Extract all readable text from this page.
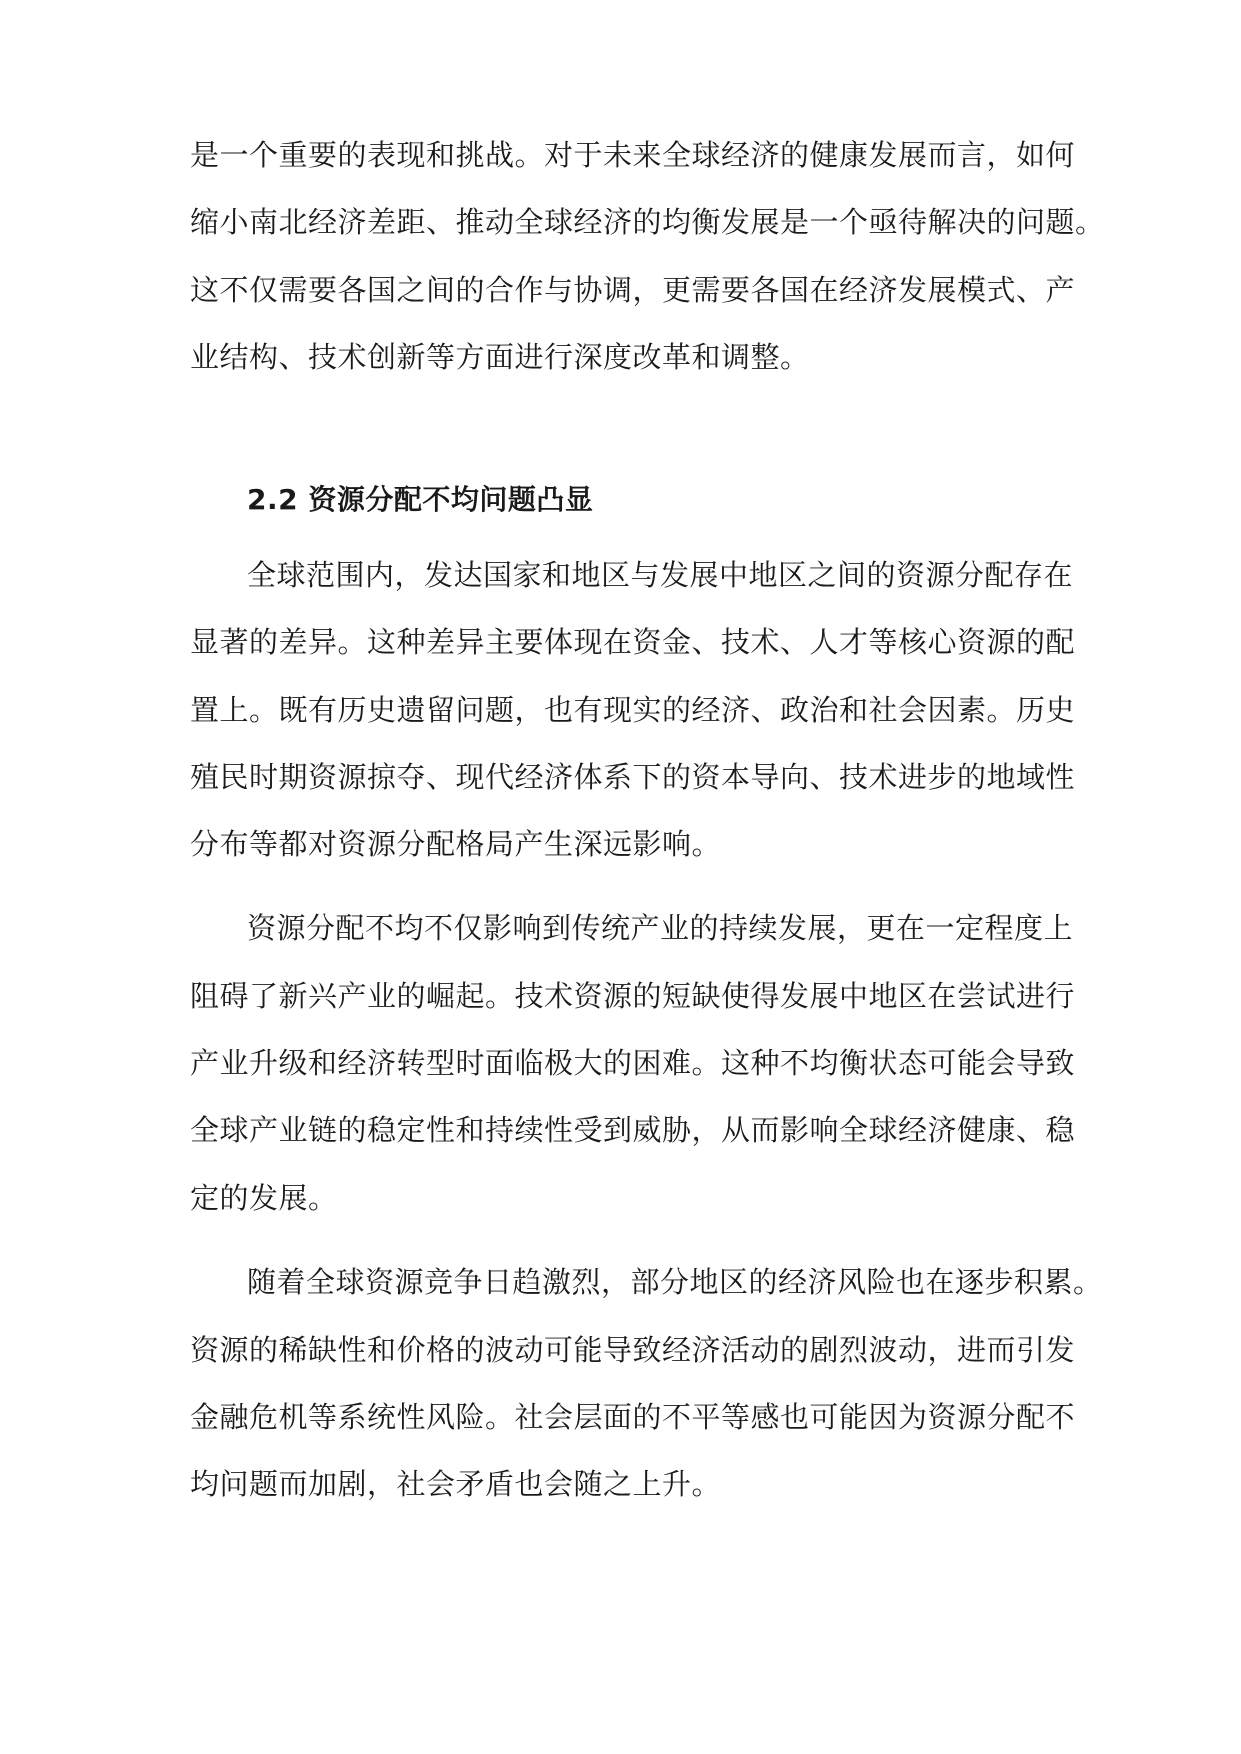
是一个重要的表现和挑战。对于未来全球经济的健康发展而言，如何
缩小南北经济差距、推动全球经济的均衡发展是一个亟待解决的问题。
这不仅需要各国之间的合作与协调，更需要各国在经济发展模式、产
业结构、技术创新等方面进行深度改革和调整。
2.2 资源分配不均问题凸显
全球范围内，发达国家和地区与发展中地区之间的资源分配存在
显著的差异。这种差异主要体现在资金、技术、人才等核心资源的配
置上。既有历史遗留问题，也有现实的经济、政治和社会因素。历史
殖民时期资源掠夺、现代经济体系下的资本导向、技术进步的地域性
分布等都对资源分配格局产生深远影响。
资源分配不均不仅影响到传统产业的持续发展，更在一定程度上
阻碍了新兴产业的崛起。技术资源的短缺使得发展中地区在尝试进行
产业升级和经济转型时面临极大的困难。这种不均衡状态可能会导致
全球产业链的稳定性和持续性受到威胁，从而影响全球经济健康、稳
定的发展。
随着全球资源竞争日趋激烈，部分地区的经济风险也在逐步积累。
资源的稀缺性和价格的波动可能导致经济活动的剧烈波动，进而引发
金融危机等系统性风险。社会层面的不平等感也可能因为资源分配不
均问题而加剧，社会矛盾也会随之上升。
